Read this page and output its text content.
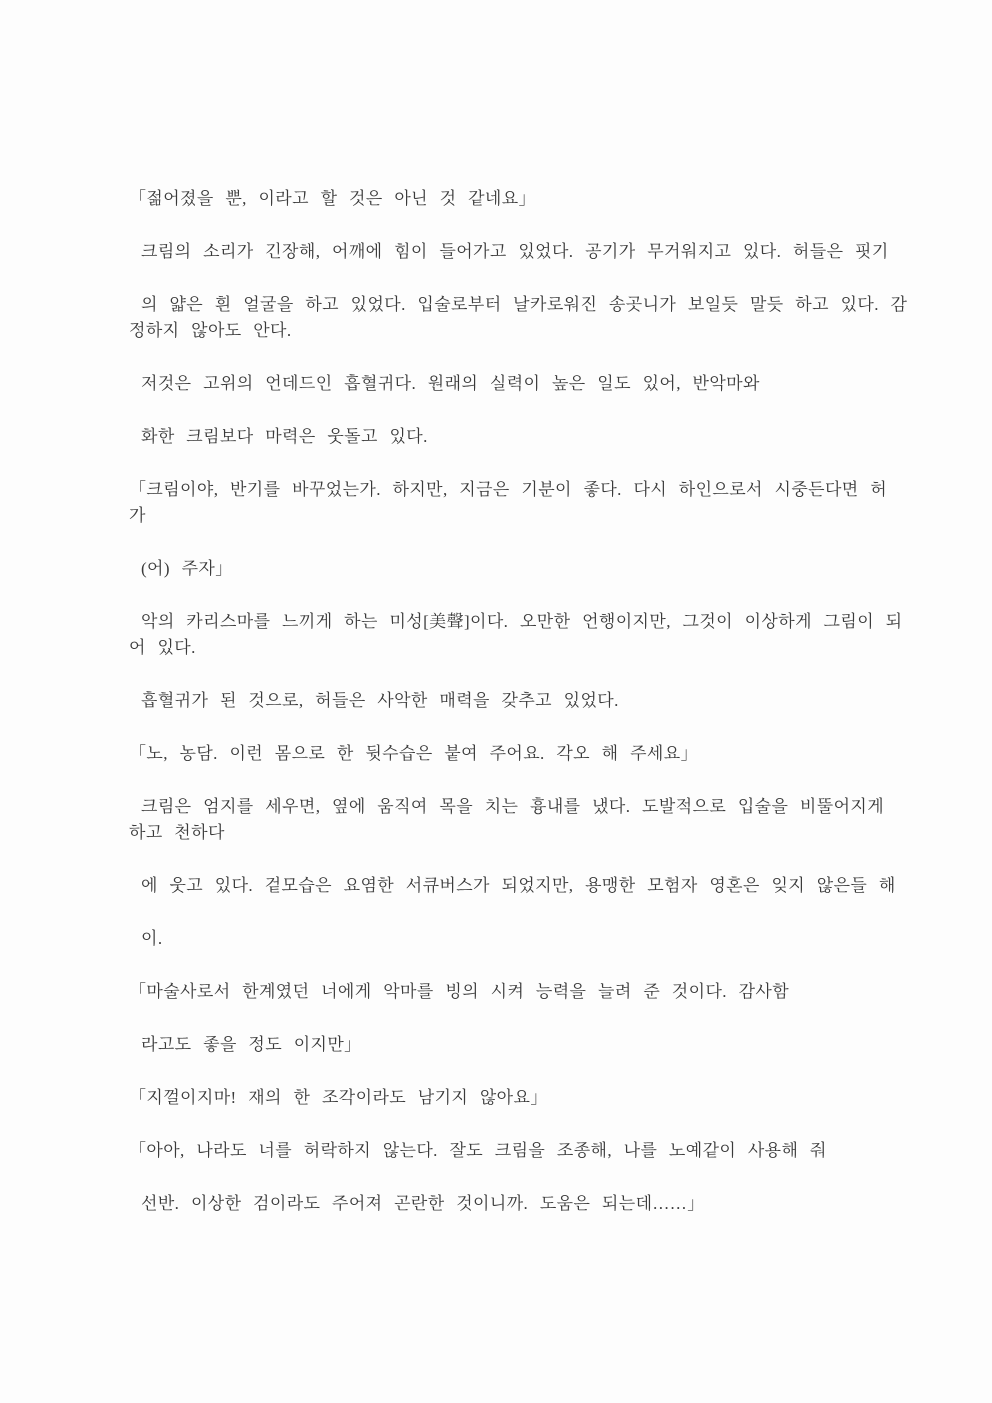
「젊어졌을 뿐, 이라고 할 것은 아닌 것 같네요」

크림의 소리가 긴장해, 어깨에 힘이 들어가고 있었다. 공기가 무거워지고 있다. 허들은 핏기

의 얇은 흰 얼굴을 하고 있었다. 입술로부터 날카로워진 송곳니가 보일듯 말듯 하고 있다. 감

정하지 않아도 안다.

저것은 고위의 언데드인 흡혈귀다. 원래의 실력이 높은 일도 있어, 반악마와

화한 크림보다 마력은 웃돌고 있다.

「크림이야, 반기를 바꾸었는가. 하지만, 지금은 기분이 좋다. 다시 하인으로서 시중든다면 허

가

(어) 주자」

악의 카리스마를 느끼게 하는 미성[美聲]이다. 오만한 언행이지만, 그것이 이상하게 그림이 되

어 있다.

흡혈귀가 된 것으로, 허들은 사악한 매력을 갖추고 있었다.

「노, 농담. 이런 몸으로 한 뒷수습은 붙여 주어요. 각오 해 주세요」

크림은 엄지를 세우면, 옆에 움직여 목을 치는 흉내를 냈다. 도발적으로 입술을 비뚤어지게

하고 천하다

에 웃고 있다. 겉모습은 요염한 서큐버스가 되었지만, 용맹한 모험자 영혼은 잊지 않은들 해

이.

「마술사로서 한계였던 너에게 악마를 빙의 시켜 능력을 늘려 준 것이다. 감사함

라고도 좋을 정도 이지만」

「지껄이지마! 재의 한 조각이라도 남기지 않아요」

「아아, 나라도 너를 허락하지 않는다. 잘도 크림을 조종해, 나를 노예같이 사용해 줘

선반. 이상한 검이라도 주어져 곤란한 것이니까. 도움은 되는데……」
